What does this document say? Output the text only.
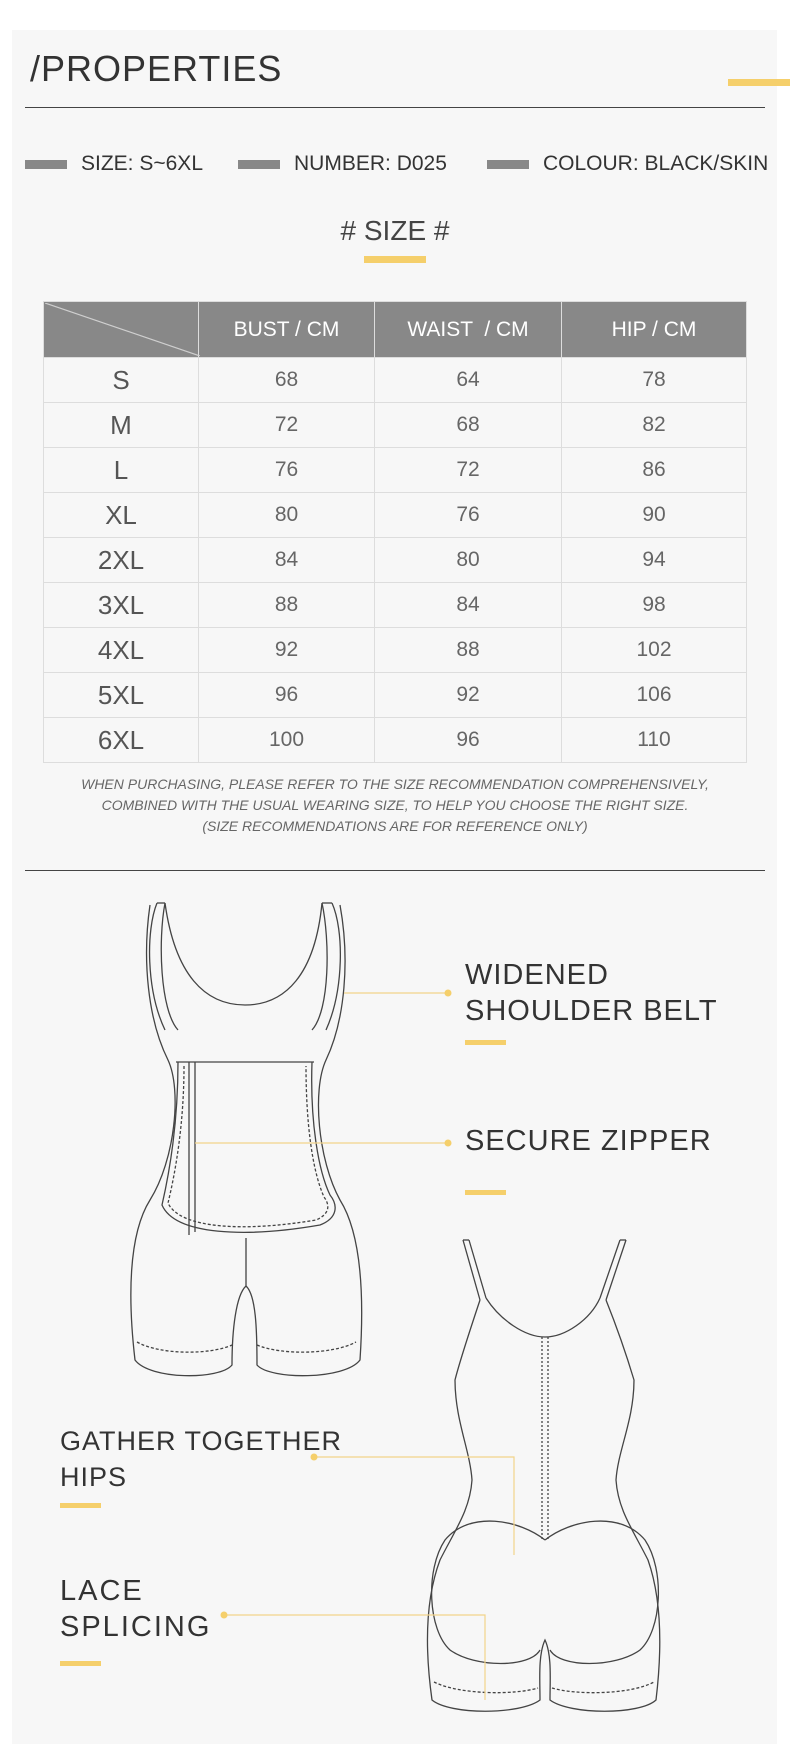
/PROPERTIES
SIZE:
S~6XL	NUMBER:
D025	COLOUR:
BLACK/SKIN
# SIZE #
	BUST / CM	WAIST  / CM	HIP / CM
S	68	64	78
M	72	68	82
L	76	72	86
XL	80	76	90
2XL	84	80	94
3XL	88	84	98
4XL	92	88	102
5XL	96	92	106
6XL	100	96	110
WHEN PURCHASING, PLEASE REFER TO THE SIZE RECOMMENDATION COMPREHENSIVELY,
COMBINED WITH THE USUAL WEARING SIZE, TO HELP YOU CHOOSE THE RIGHT SIZE.
(SIZE RECOMMENDATIONS ARE FOR REFERENCE ONLY)
WIDENED
SHOULDER BELT
SECURE ZIPPER
GATHER TOGETHER
HIPS
LACE
SPLICING
